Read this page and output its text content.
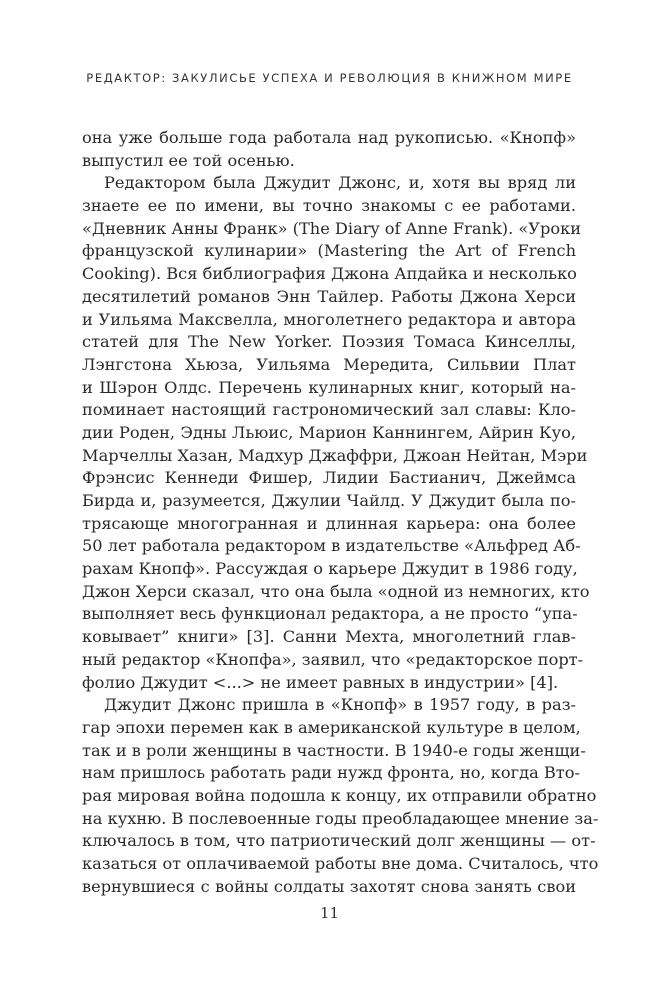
РЕДАКТОР: ЗАКУЛИСЬЕ УСПЕХА И РЕВОЛЮЦИЯ В КНИЖНОМ МИРЕ
она уже больше года работала над рукописью. «Кнопф»
выпустил ее той осенью.
Редактором была Джудит Джонс, и, хотя вы вряд ли
знаете ее по имени, вы точно знакомы с ее работами.
«Дневник Анны Франк» (The Diary of Anne Frank). «Уроки
французской кулинарии» (Mastering the Art of French
Cooking). Вся библиография Джона Апдайка и несколько
десятилетий романов Энн Тайлер. Работы Джона Херси
и Уильяма Максвелла, многолетнего редактора и автора
статей для The New Yorker. Поэзия Томаса Кинселлы,
Лэнгстона Хьюза, Уильяма Мередита, Сильвии Плат
и Шэрон Олдс. Перечень кулинарных книг, который на-
поминает настоящий гастрономический зал славы: Кло-
дии Роден, Эдны Льюис, Марион Каннингем, Айрин Куо,
Марчеллы Хазан, Мадхур Джаффри, Джоан Нейтан, Мэри
Фрэнсис Кеннеди Фишер, Лидии Бастианич, Джеймса
Бирда и, разумеется, Джулии Чайлд. У Джудит была по-
трясающе многогранная и длинная карьера: она более
50 лет работала редактором в издательстве «Альфред Аб-
рахам Кнопф». Рассуждая о карьере Джудит в 1986 году,
Джон Херси сказал, что она была «одной из немногих, кто
выполняет весь функционал редактора, а не просто “упа-
ковывает” книги» [3]. Санни Мехта, многолетний глав-
ный редактор «Кнопфа», заявил, что «редакторское порт-
фолио Джудит <...> не имеет равных в индустрии» [4].
Джудит Джонс пришла в «Кнопф» в 1957 году, в раз-
гар эпохи перемен как в американской культуре в целом,
так и в роли женщины в частности. В 1940-е годы женщи-
нам пришлось работать ради нужд фронта, но, когда Вто-
рая мировая война подошла к концу, их отправили обратно
на кухню. В послевоенные годы преобладающее мнение за-
ключалось в том, что патриотический долг женщины — от-
казаться от оплачиваемой работы вне дома. Считалось, что
вернувшиеся с войны солдаты захотят снова занять свои
11
